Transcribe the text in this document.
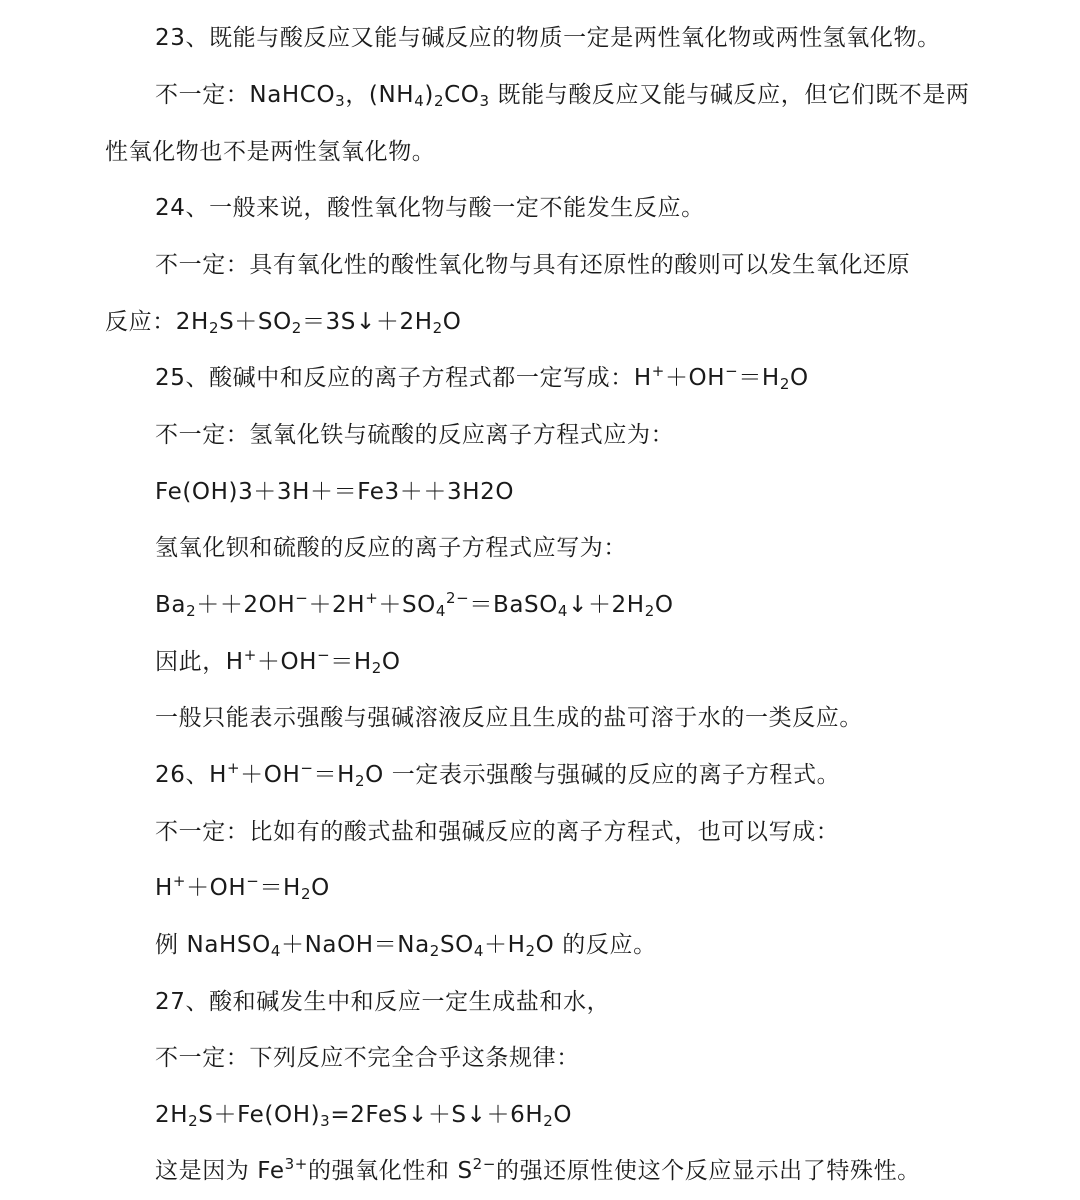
23、既能与酸反应又能与碱反应的物质一定是两性氧化物或两性氢氧化物。
不一定：NaHCO$_3$，$(NH_4)_2CO_3$ 既能与酸反应又能与碱反应，但它们既不是两
性氧化物也不是两性氢氧化物。
24、一般来说，酸性氧化物与酸一定不能发生反应。
不一定：具有氧化性的酸性氧化物与具有还原性的酸则可以发生氧化还原
反应：$2H_2S+SO_2=3S↓+2H_2O$
25、酸碱中和反应的离子方程式都一定写成：$H^++OH^-=H_2O$
不一定：氢氧化铁与硫酸的反应离子方程式应为：
Fe(OH)3＋3H＋＝Fe3＋＋3H2O
氢氧化钡和硫酸的反应的离子方程式应写为：
$Ba_2++2OH^-+2H^++SO_4^{2-}=BaSO_4↓+2H_2O$
因此，$H^++OH^-=H_2O$
一般只能表示强酸与强碱溶液反应且生成的盐可溶于水的一类反应。
26、$H^++OH^-=H_2O$ 一定表示强酸与强碱的反应的离子方程式。
不一定：比如有的酸式盐和强碱反应的离子方程式，也可以写成：
$H^++OH^-=H_2O$
例 $NaHSO_4+NaOH=Na_2SO_4+H_2O$ 的反应。
27、酸和碱发生中和反应一定生成盐和水，
不一定：下列反应不完全合乎这条规律：
$2H_2S+Fe(OH)_3=2FeS↓+S↓+6H_2O$
这是因为 $Fe^{3+}$的强氧化性和 $S^{2-}$的强还原性使这个反应显示出了特殊性。
